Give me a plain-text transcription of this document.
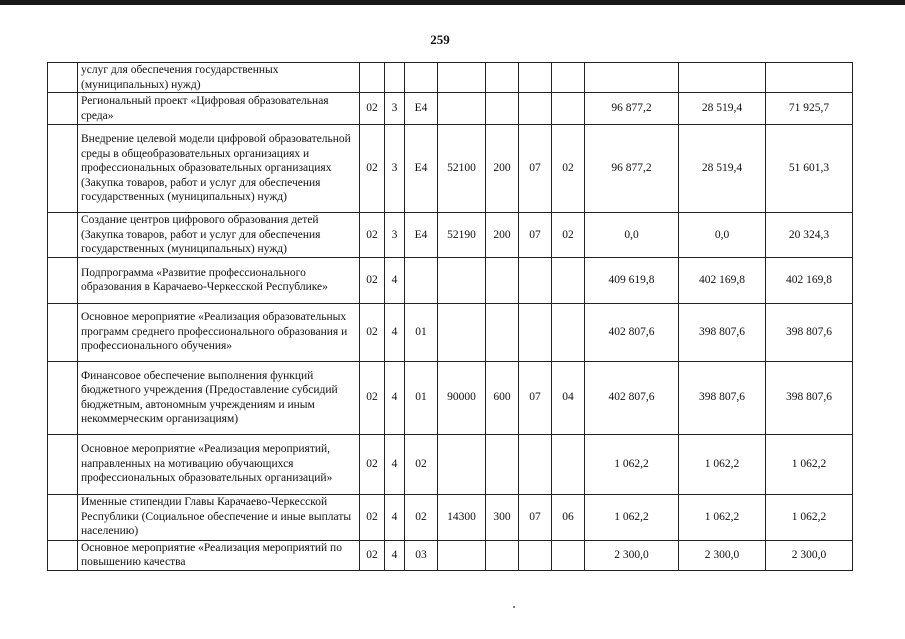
259
	услуг для обеспечения государственных (муниципальных) нужд)										
	Региональный проект «Цифровая образовательная среда»	02	3	Е4					96 877,2	28 519,4	71 925,7
	Внедрение целевой модели цифровой образовательной среды в общеобразовательных организациях и профессиональных образовательных организациях (Закупка товаров, работ и услуг для обеспечения государственных (муниципальных) нужд)	02	3	Е4	52100	200	07	02	96 877,2	28 519,4	51 601,3
	Создание центров цифрового образования детей (Закупка товаров, работ и услуг для обеспечения государственных (муниципальных) нужд)	02	3	Е4	52190	200	07	02	0,0	0,0	20 324,3
	Подпрограмма «Развитие профессионального образования в Карачаево-Черкесской Республике»	02	4						409 619,8	402 169,8	402 169,8
	Основное мероприятие «Реализация образовательных программ среднего профессионального образования и профессионального обучения»	02	4	01					402 807,6	398 807,6	398 807,6
	Финансовое обеспечение выполнения функций бюджетного учреждения (Предоставление субсидий бюджетным, автономным учреждениям и иным некоммерческим организациям)	02	4	01	90000	600	07	04	402 807,6	398 807,6	398 807,6
	Основное мероприятие «Реализация мероприятий, направленных на мотивацию обучающихся профессиональных образовательных организаций»	02	4	02					1 062,2	1 062,2	1 062,2
	Именные стипендии Главы Карачаево-Черкесской Республики (Социальное обеспечение и иные выплаты населению)	02	4	02	14300	300	07	06	1 062,2	1 062,2	1 062,2
	Основное мероприятие «Реализация мероприятий по повышению качества	02	4	03					2 300,0	2 300,0	2 300,0
